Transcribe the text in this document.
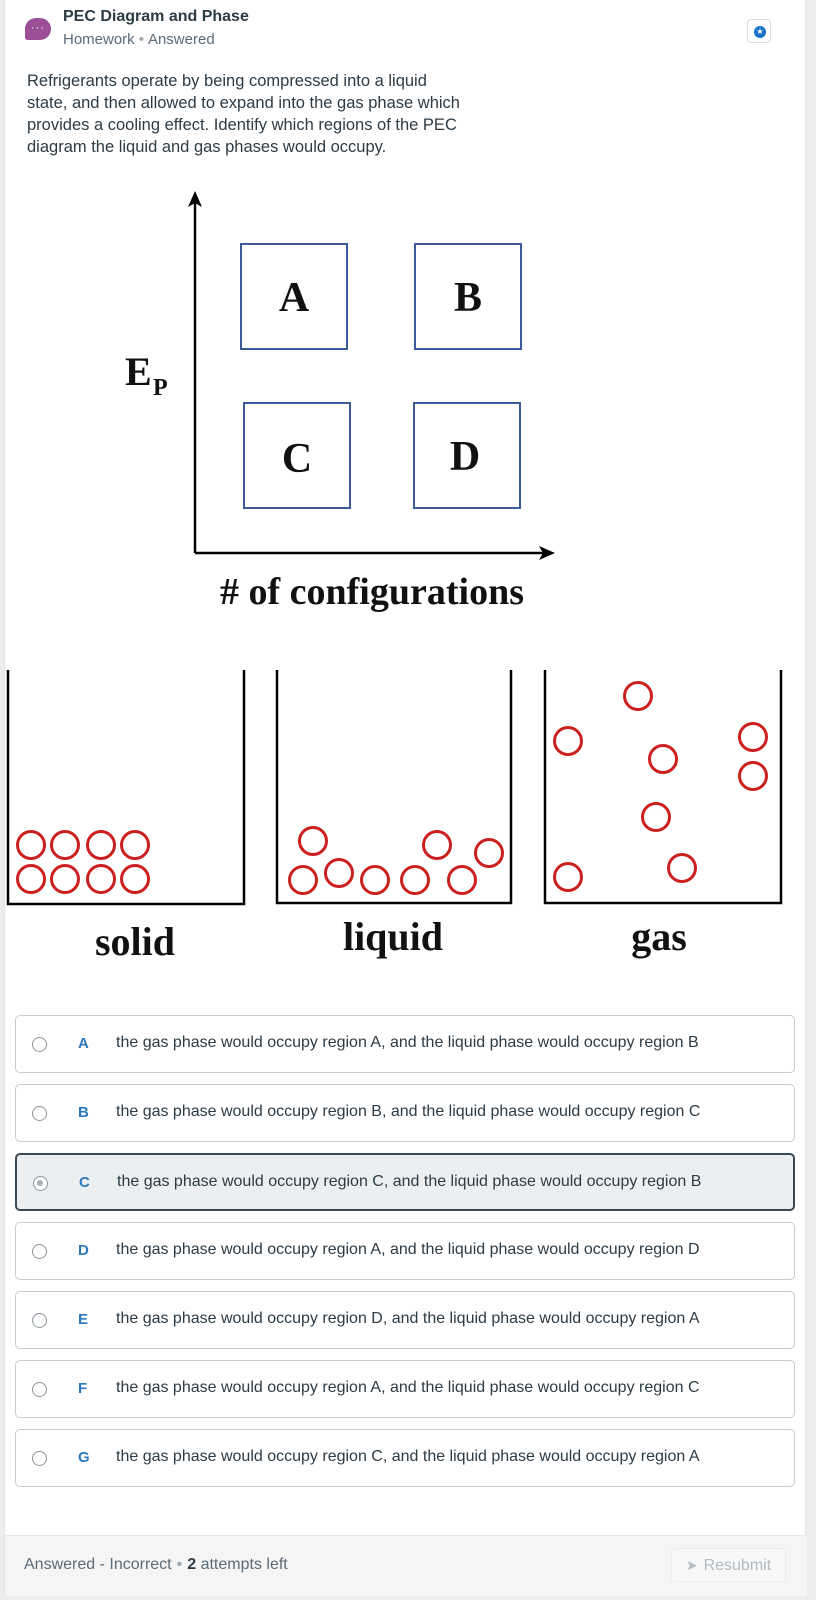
···
PEC Diagram and Phase
Homework • Answered	★
Refrigerants operate by being compressed into a liquid state, and then allowed to expand into the gas phase which provides a cooling effect. Identify which regions of the PEC diagram the liquid and gas phases would occupy.
E P
A	B
C	D
# of configurations
solid	liquid	gas
A the gas phase would occupy region A, and the liquid phase would occupy region B
B the gas phase would occupy region B, and the liquid phase would occupy region C
C the gas phase would occupy region C, and the liquid phase would occupy region B
D the gas phase would occupy region A, and the liquid phase would occupy region D
E the gas phase would occupy region D, and the liquid phase would occupy region A
F the gas phase would occupy region A, and the liquid phase would occupy region C
G the gas phase would occupy region C, and the liquid phase would occupy region A
Answered - Incorrect • 2 attempts left	➤ Resubmit
